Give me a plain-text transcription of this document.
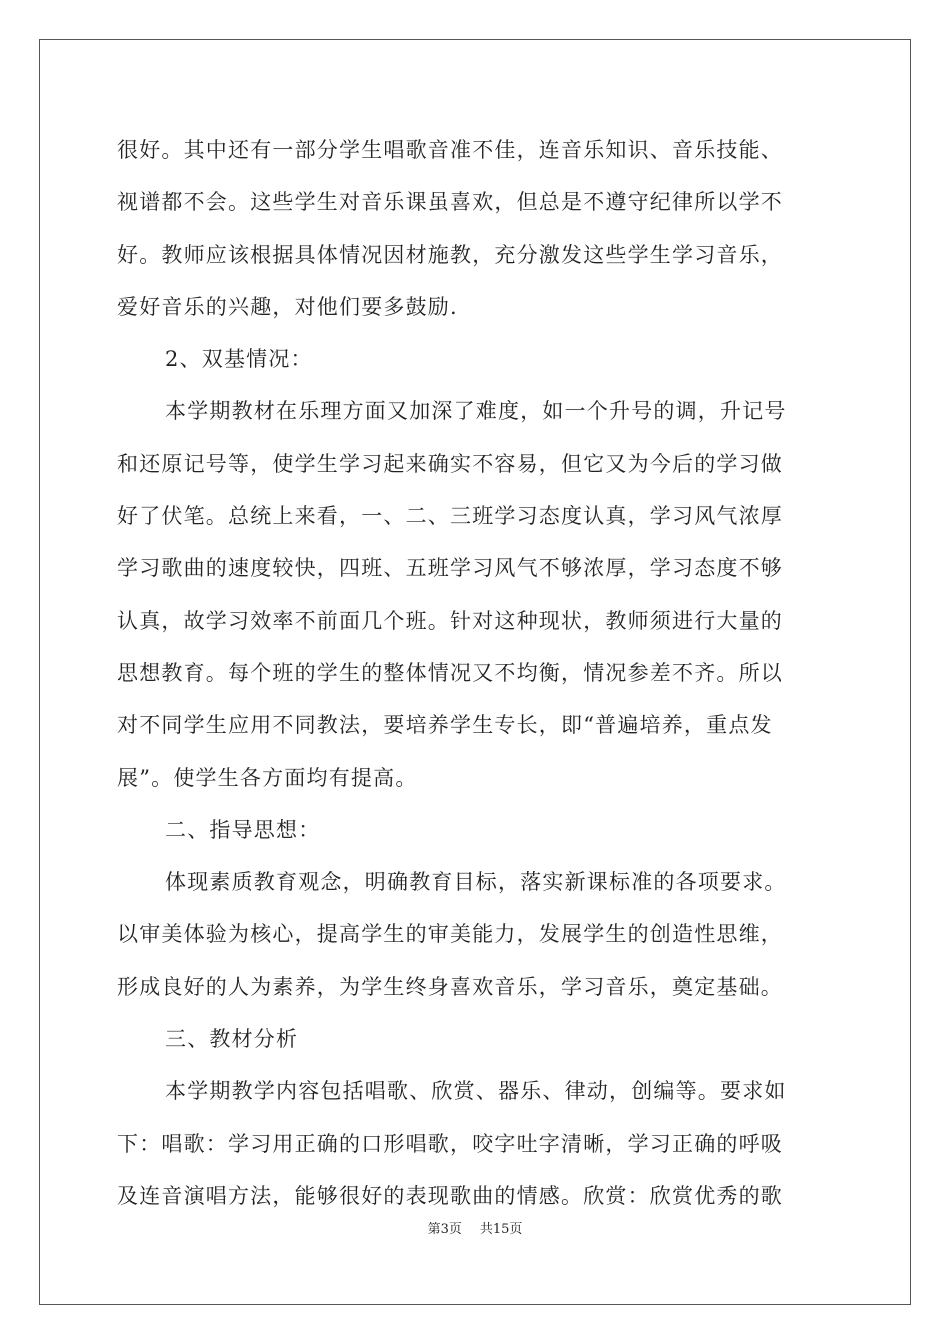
很好。其中还有一部分学生唱歌音准不佳，连音乐知识、音乐技能、
视谱都不会。这些学生对音乐课虽喜欢，但总是不遵守纪律所以学不
好。教师应该根据具体情况因材施教，充分激发这些学生学习音乐，
爱好音乐的兴趣，对他们要多鼓励.
2、双基情况：
本学期教材在乐理方面又加深了难度，如一个升号的调，升记号
和还原记号等，使学生学习起来确实不容易，但它又为今后的学习做
好了伏笔。总统上来看，一、二、三班学习态度认真，学习风气浓厚
学习歌曲的速度较快，四班、五班学习风气不够浓厚，学习态度不够
认真，故学习效率不前面几个班。针对这种现状，教师须进行大量的
思想教育。每个班的学生的整体情况又不均衡，情况参差不齐。所以
对不同学生应用不同教法，要培养学生专长，即“普遍培养，重点发
展”。使学生各方面均有提高。
二、指导思想：
体现素质教育观念，明确教育目标，落实新课标准的各项要求。
以审美体验为核心，提高学生的审美能力，发展学生的创造性思维，
形成良好的人为素养，为学生终身喜欢音乐，学习音乐，奠定基础。
三、教材分析
本学期教学内容包括唱歌、欣赏、器乐、律动，创编等。要求如
下：唱歌：学习用正确的口形唱歌，咬字吐字清晰，学习正确的呼吸
及连音演唱方法，能够很好的表现歌曲的情感。欣赏：欣赏优秀的歌
第3页 共15页
